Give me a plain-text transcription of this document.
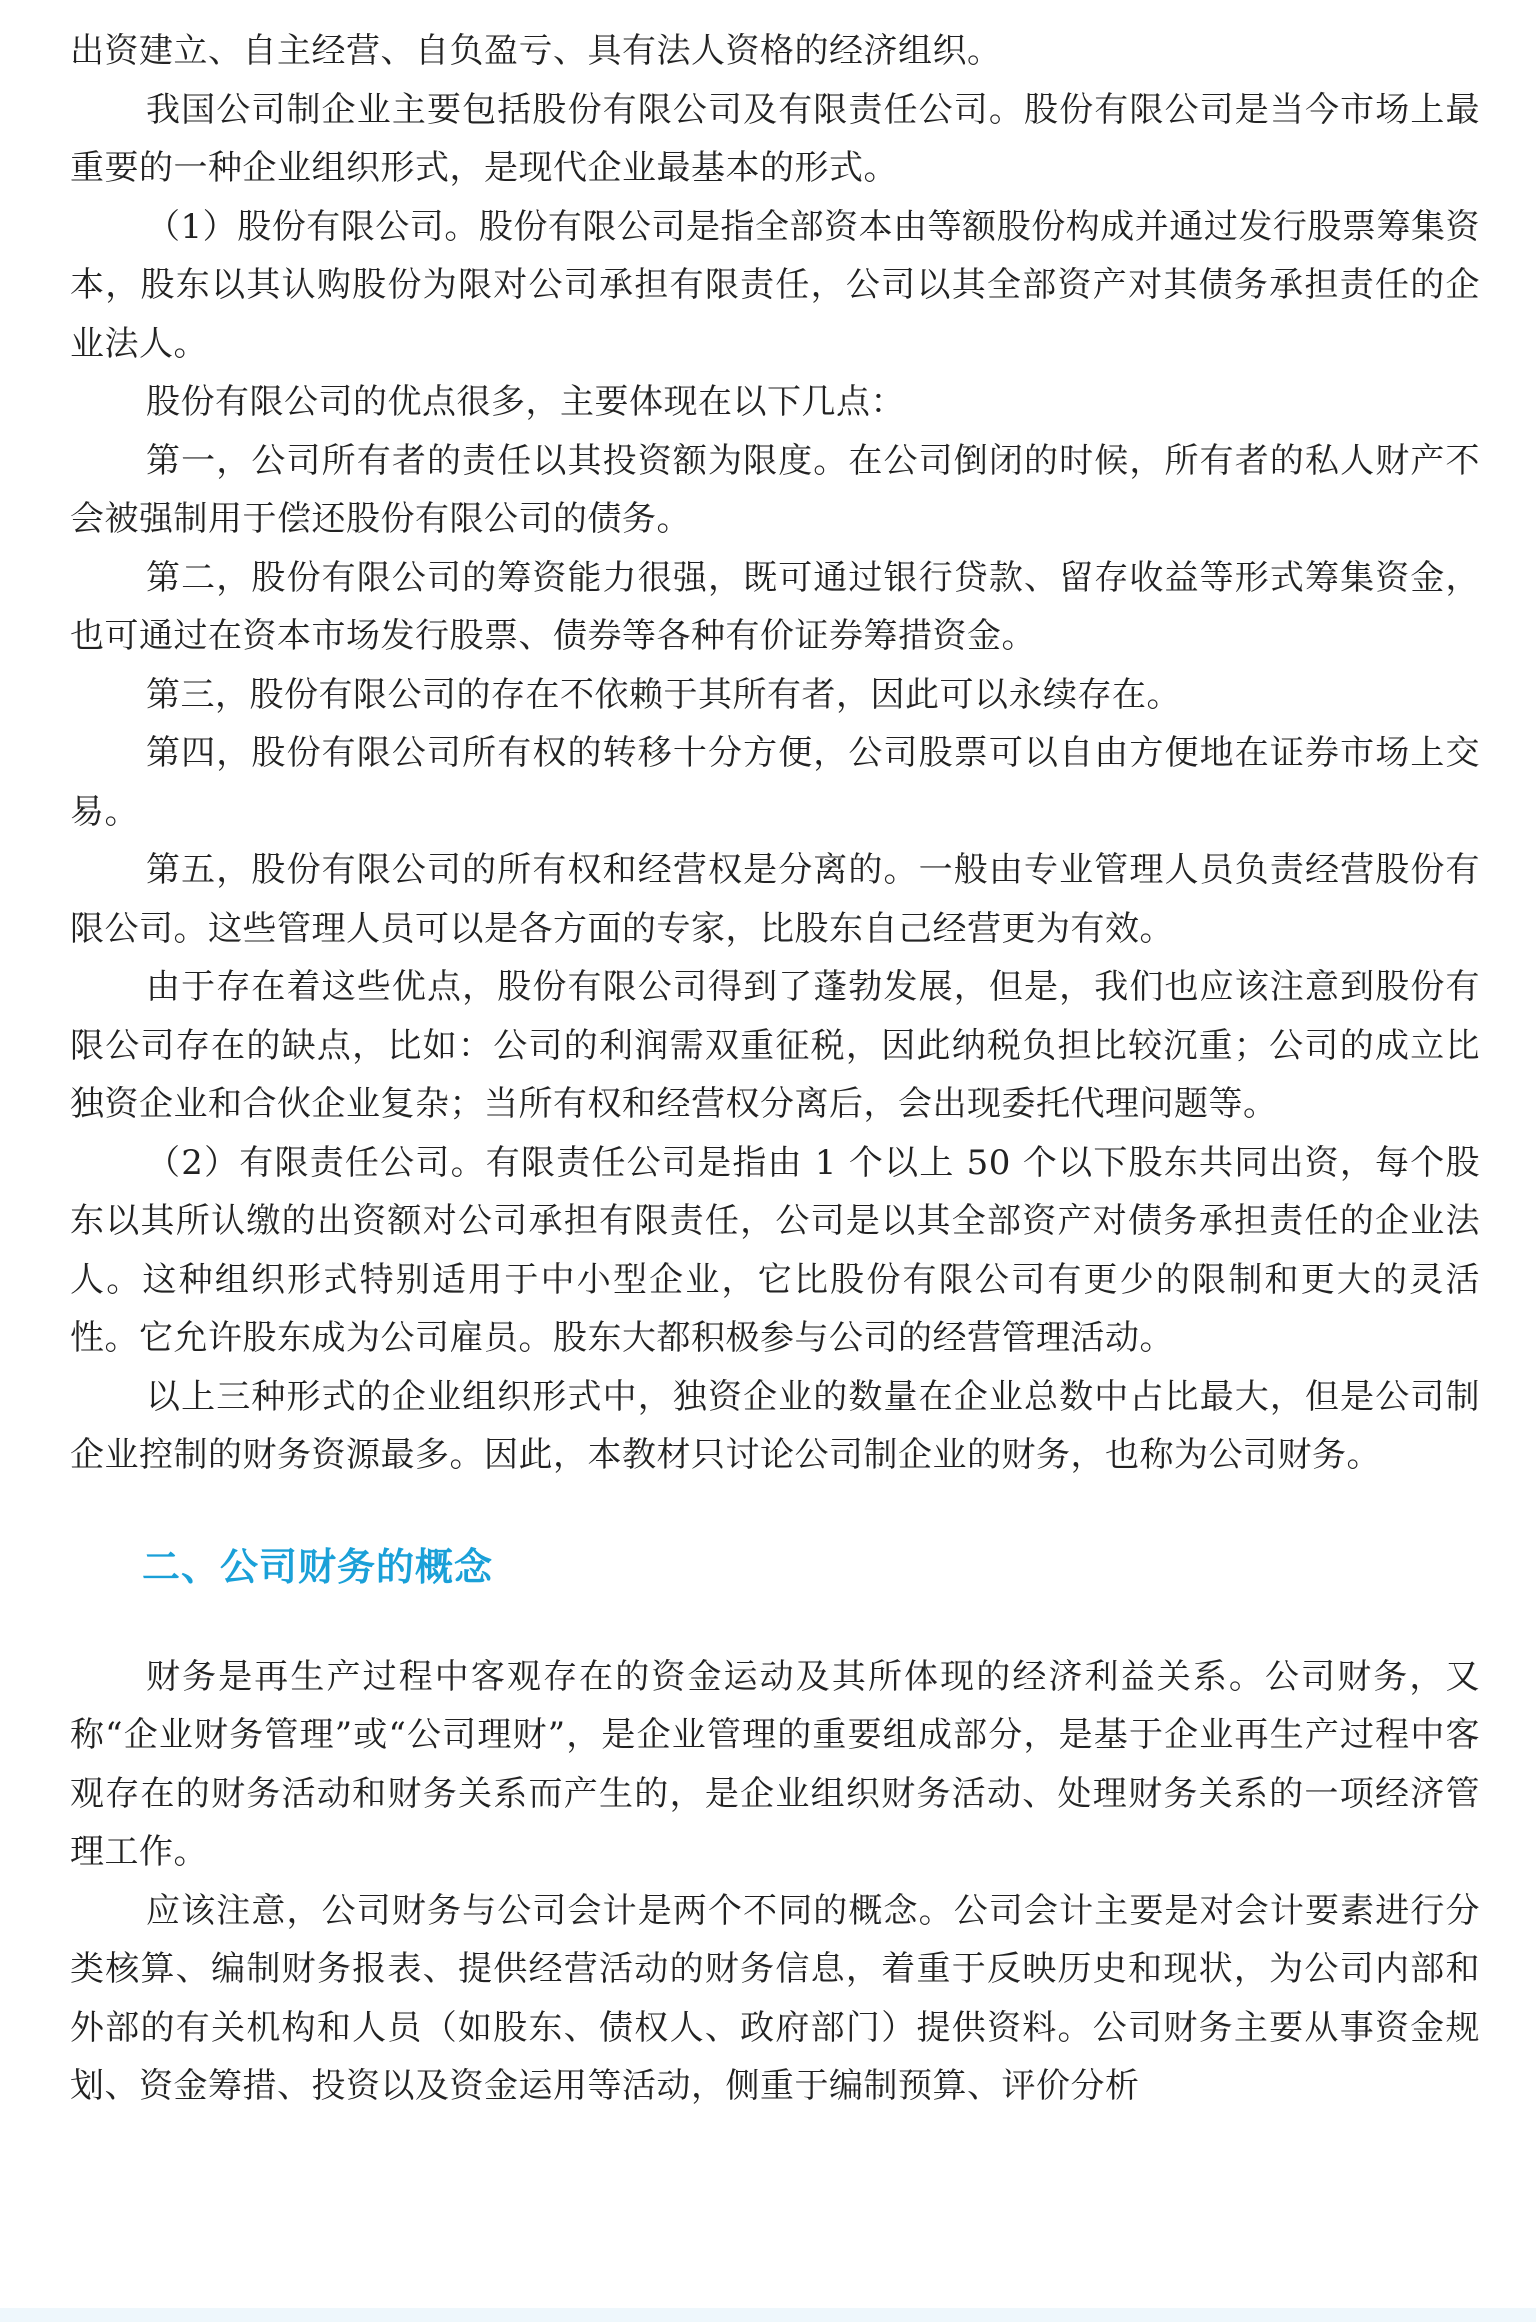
出资建立、自主经营、自负盈亏、具有法人资格的经济组织。

我国公司制企业主要包括股份有限公司及有限责任公司。股份有限公司是当今市场上最重要的一种企业组织形式，是现代企业最基本的形式。

（1）股份有限公司。股份有限公司是指全部资本由等额股份构成并通过发行股票筹集资本，股东以其认购股份为限对公司承担有限责任，公司以其全部资产对其债务承担责任的企业法人。

股份有限公司的优点很多，主要体现在以下几点：

第一，公司所有者的责任以其投资额为限度。在公司倒闭的时候，所有者的私人财产不会被强制用于偿还股份有限公司的债务。

第二，股份有限公司的筹资能力很强，既可通过银行贷款、留存收益等形式筹集资金，也可通过在资本市场发行股票、债券等各种有价证券筹措资金。

第三，股份有限公司的存在不依赖于其所有者，因此可以永续存在。

第四，股份有限公司所有权的转移十分方便，公司股票可以自由方便地在证券市场上交易。

第五，股份有限公司的所有权和经营权是分离的。一般由专业管理人员负责经营股份有限公司。这些管理人员可以是各方面的专家，比股东自己经营更为有效。

由于存在着这些优点，股份有限公司得到了蓬勃发展，但是，我们也应该注意到股份有限公司存在的缺点，比如：公司的利润需双重征税，因此纳税负担比较沉重；公司的成立比独资企业和合伙企业复杂；当所有权和经营权分离后，会出现委托代理问题等。

（2）有限责任公司。有限责任公司是指由 1 个以上 50 个以下股东共同出资，每个股东以其所认缴的出资额对公司承担有限责任，公司是以其全部资产对债务承担责任的企业法人。这种组织形式特别适用于中小型企业，它比股份有限公司有更少的限制和更大的灵活性。它允许股东成为公司雇员。股东大都积极参与公司的经营管理活动。

以上三种形式的企业组织形式中，独资企业的数量在企业总数中占比最大，但是公司制企业控制的财务资源最多。因此，本教材只讨论公司制企业的财务，也称为公司财务。

二、公司财务的概念

财务是再生产过程中客观存在的资金运动及其所体现的经济利益关系。公司财务，又称“企业财务管理”或“公司理财”，是企业管理的重要组成部分，是基于企业再生产过程中客观存在的财务活动和财务关系而产生的，是企业组织财务活动、处理财务关系的一项经济管理工作。

应该注意，公司财务与公司会计是两个不同的概念。公司会计主要是对会计要素进行分类核算、编制财务报表、提供经营活动的财务信息，着重于反映历史和现状，为公司内部和外部的有关机构和人员（如股东、债权人、政府部门）提供资料。公司财务主要从事资金规划、资金筹措、投资以及资金运用等活动，侧重于编制预算、评价分析
